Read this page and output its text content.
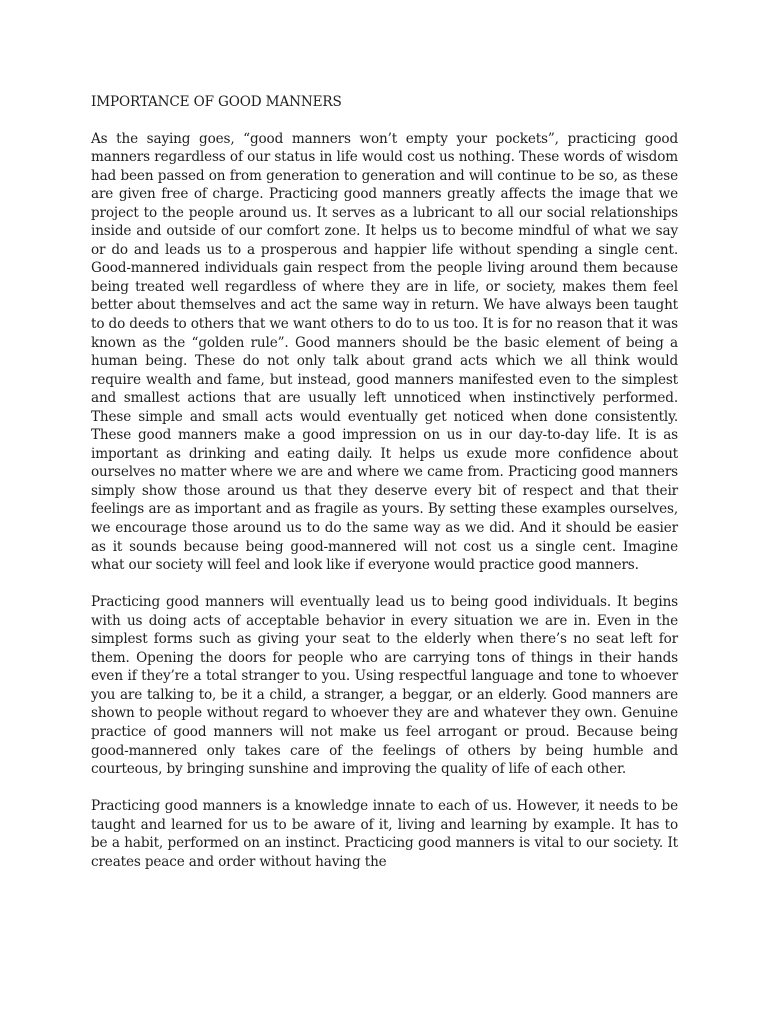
IMPORTANCE OF GOOD MANNERS

As the saying goes, “good manners won’t empty your pockets”, practicing good manners regardless of our status in life would cost us nothing. These words of wisdom had been passed on from generation to generation and will continue to be so, as these are given free of charge. Practicing good manners greatly affects the image that we project to the people around us. It serves as a lubricant to all our social relationships inside and outside of our comfort zone. It helps us to become mindful of what we say or do and leads us to a prosperous and happier life without spending a single cent. Good-mannered individuals gain respect from the people living around them because being treated well regardless of where they are in life, or society, makes them feel better about themselves and act the same way in return. We have always been taught to do deeds to others that we want others to do to us too. It is for no reason that it was known as the “golden rule”. Good manners should be the basic element of being a human being. These do not only talk about grand acts which we all think would require wealth and fame, but instead, good manners manifested even to the simplest and smallest actions that are usually left unnoticed when instinctively performed. These simple and small acts would eventually get noticed when done consistently. These good manners make a good impression on us in our day-to-day life. It is as important as drinking and eating daily. It helps us exude more confidence about ourselves no matter where we are and where we came from. Practicing good manners simply show those around us that they deserve every bit of respect and that their feelings are as important and as fragile as yours. By setting these examples ourselves, we encourage those around us to do the same way as we did. And it should be easier as it sounds because being good-mannered will not cost us a single cent. Imagine what our society will feel and look like if everyone would practice good manners.

Practicing good manners will eventually lead us to being good individuals. It begins with us doing acts of acceptable behavior in every situation we are in. Even in the simplest forms such as giving your seat to the elderly when there’s no seat left for them. Opening the doors for people who are carrying tons of things in their hands even if they’re a total stranger to you. Using respectful language and tone to whoever you are talking to, be it a child, a stranger, a beggar, or an elderly. Good manners are shown to people without regard to whoever they are and whatever they own. Genuine practice of good manners will not make us feel arrogant or proud. Because being good-mannered only takes care of the feelings of others by being humble and courteous, by bringing sunshine and improving the quality of life of each other.

Practicing good manners is a knowledge innate to each of us. However, it needs to be taught and learned for us to be aware of it, living and learning by example. It has to be a habit, performed on an instinct. Practicing good manners is vital to our society. It creates peace and order without having the
